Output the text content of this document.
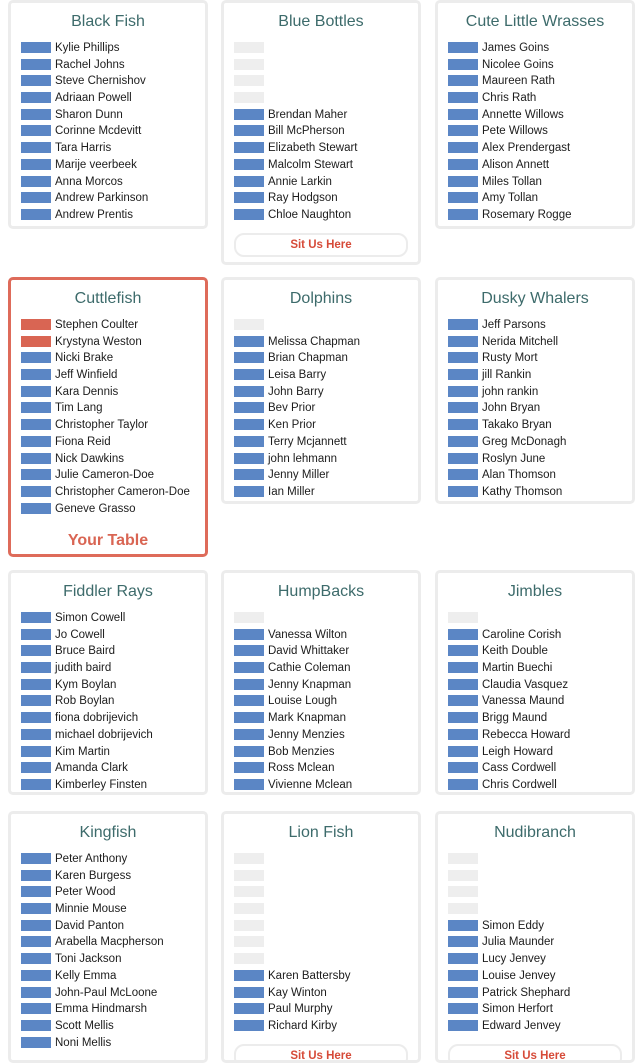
Black Fish
Kylie Phillips
Rachel Johns
Steve Chernishov
Adriaan Powell
Sharon Dunn
Corinne Mcdevitt
Tara Harris
Marije veerbeek
Anna Morcos
Andrew Parkinson
Andrew Prentis
Blue Bottles
Brendan Maher
Bill McPherson
Elizabeth Stewart
Malcolm Stewart
Annie Larkin
Ray Hodgson
Chloe Naughton
Sit Us Here
Cute Little Wrasses
James Goins
Nicolee Goins
Maureen Rath
Chris Rath
Annette Willows
Pete Willows
Alex Prendergast
Alison Annett
Miles Tollan
Amy Tollan
Rosemary Rogge
Cuttlefish
Stephen Coulter
Krystyna Weston
Nicki Brake
Jeff Winfield
Kara Dennis
Tim Lang
Christopher Taylor
Fiona Reid
Nick Dawkins
Julie Cameron-Doe
Christopher Cameron-Doe
Geneve Grasso
Your Table
Dolphins
Melissa Chapman
Brian Chapman
Leisa Barry
John Barry
Bev Prior
Ken Prior
Terry Mcjannett
john lehmann
Jenny Miller
Ian Miller
Dusky Whalers
Jeff Parsons
Nerida Mitchell
Rusty Mort
jill Rankin
john rankin
John Bryan
Takako Bryan
Greg McDonagh
Roslyn June
Alan Thomson
Kathy Thomson
Fiddler Rays
Simon Cowell
Jo Cowell
Bruce Baird
judith baird
Kym Boylan
Rob Boylan
fiona dobrijevich
michael dobrijevich
Kim Martin
Amanda Clark
Kimberley Finsten
HumpBacks
Vanessa Wilton
David Whittaker
Cathie Coleman
Jenny Knapman
Louise Lough
Mark Knapman
Jenny Menzies
Bob Menzies
Ross Mclean
Vivienne Mclean
Jimbles
Caroline Corish
Keith Double
Martin Buechi
Claudia Vasquez
Vanessa Maund
Brigg Maund
Rebecca Howard
Leigh Howard
Cass Cordwell
Chris Cordwell
Kingfish
Peter Anthony
Karen Burgess
Peter Wood
Minnie Mouse
David Panton
Arabella Macpherson
Toni Jackson
Kelly Emma
John-Paul McLoone
Emma Hindmarsh
Scott Mellis
Noni Mellis
Lion Fish
Karen Battersby
Kay Winton
Paul Murphy
Richard Kirby
Sit Us Here
Nudibranch
Simon Eddy
Julia Maunder
Lucy Jenvey
Louise Jenvey
Patrick Shephard
Simon Herfort
Edward Jenvey
Sit Us Here
